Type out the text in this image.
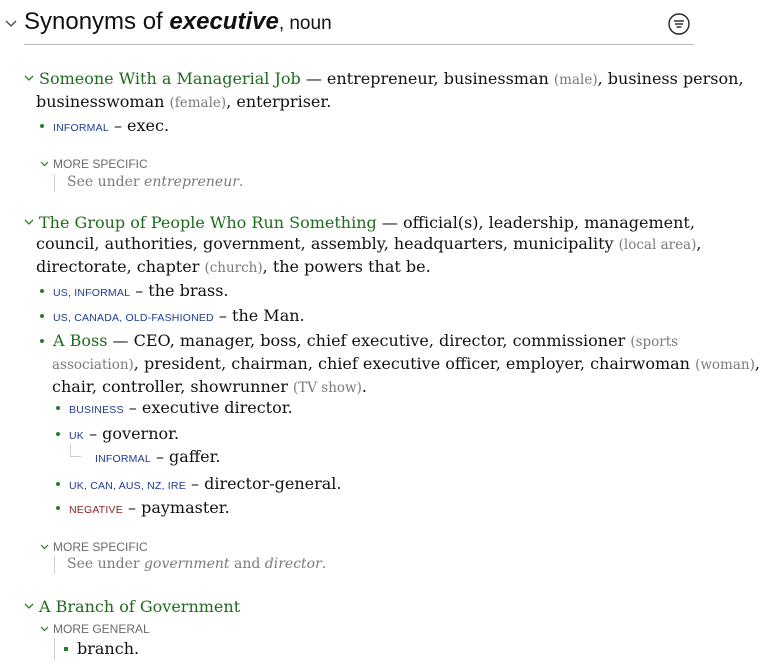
Synonyms of executive, noun
Someone With a Managerial Job — entrepreneur, businessman (male), business person,
businesswoman (female), enterpriser.
INFORMAL – exec.
MORE SPECIFIC
See under entrepreneur.
The Group of People Who Run Something — official(s), leadership, management,
council, authorities, government, assembly, headquarters, municipality (local area),
directorate, chapter (church), the powers that be.
US, INFORMAL – the brass.
US, CANADA, OLD-FASHIONED – the Man.
A Boss — CEO, manager, boss, chief executive, director, commissioner (sports
association), president, chairman, chief executive officer, employer, chairwoman (woman),
chair, controller, showrunner (TV show).
BUSINESS – executive director.
UK – governor.
INFORMAL – gaffer.
UK, CAN, AUS, NZ, IRE – director-general.
NEGATIVE – paymaster.
MORE SPECIFIC
See under government and director.
A Branch of Government
MORE GENERAL
branch.
